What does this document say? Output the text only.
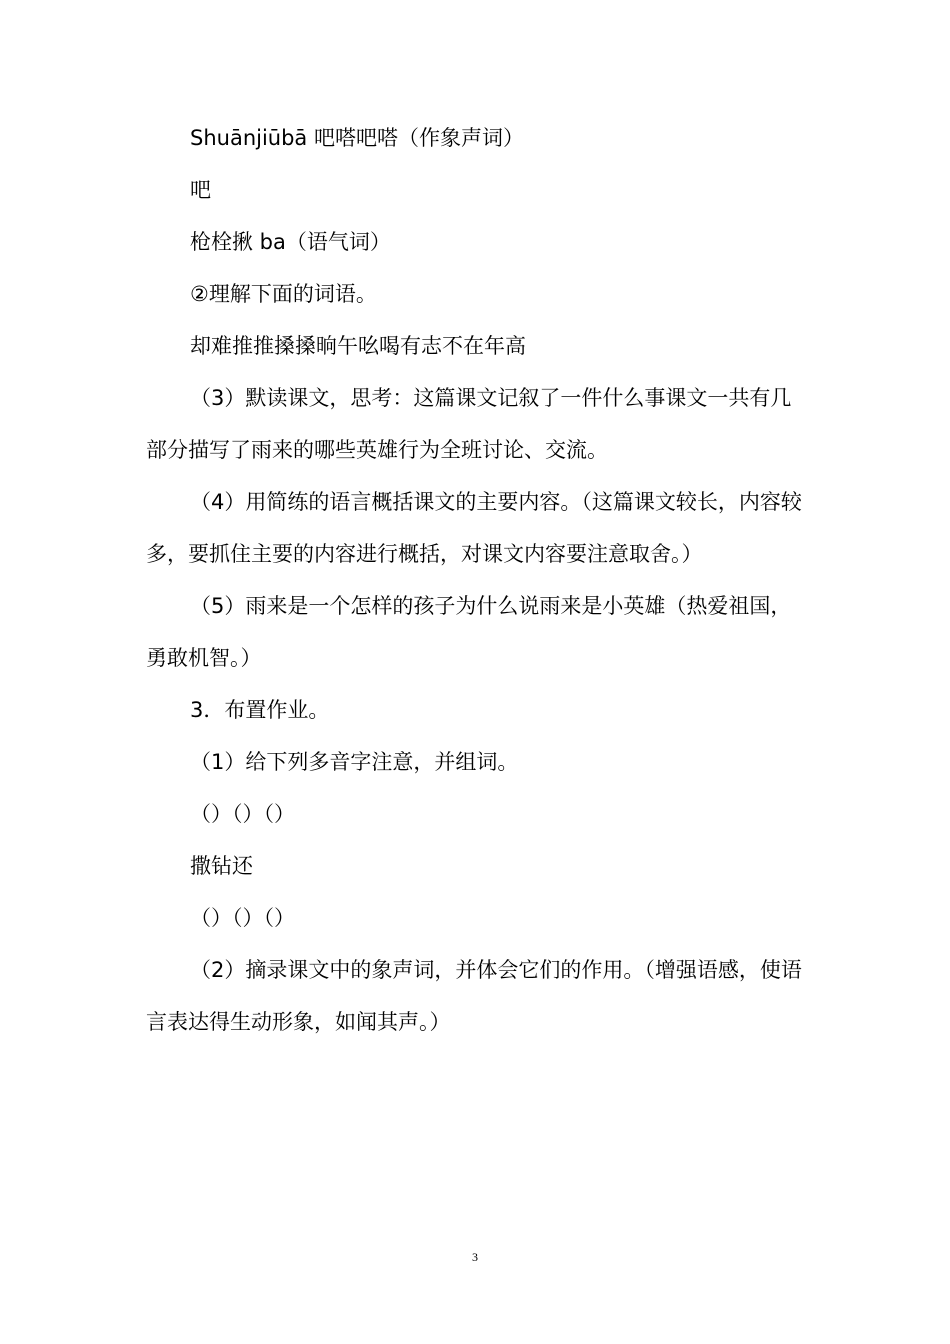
Shuānjiūbā 吧嗒吧嗒（作象声词）

吧

枪栓揪 ba（语气词）

②理解下面的词语。

却难推推搡搡晌午吆喝有志不在年高

（3）默读课文，思考：这篇课文记叙了一件什么事课文一共有几部分描写了雨来的哪些英雄行为全班讨论、交流。

（4）用简练的语言概括课文的主要内容。（这篇课文较长，内容较多，要抓住主要的内容进行概括，对课文内容要注意取舍。）

（5）雨来是一个怎样的孩子为什么说雨来是小英雄（热爱祖国，勇敢机智。）

3．布置作业。

（1）给下列多音字注意，并组词。

（）（）（）

撒钻还

（）（）（）

（2）摘录课文中的象声词，并体会它们的作用。（增强语感，使语言表达得生动形象，如闻其声。）

3
